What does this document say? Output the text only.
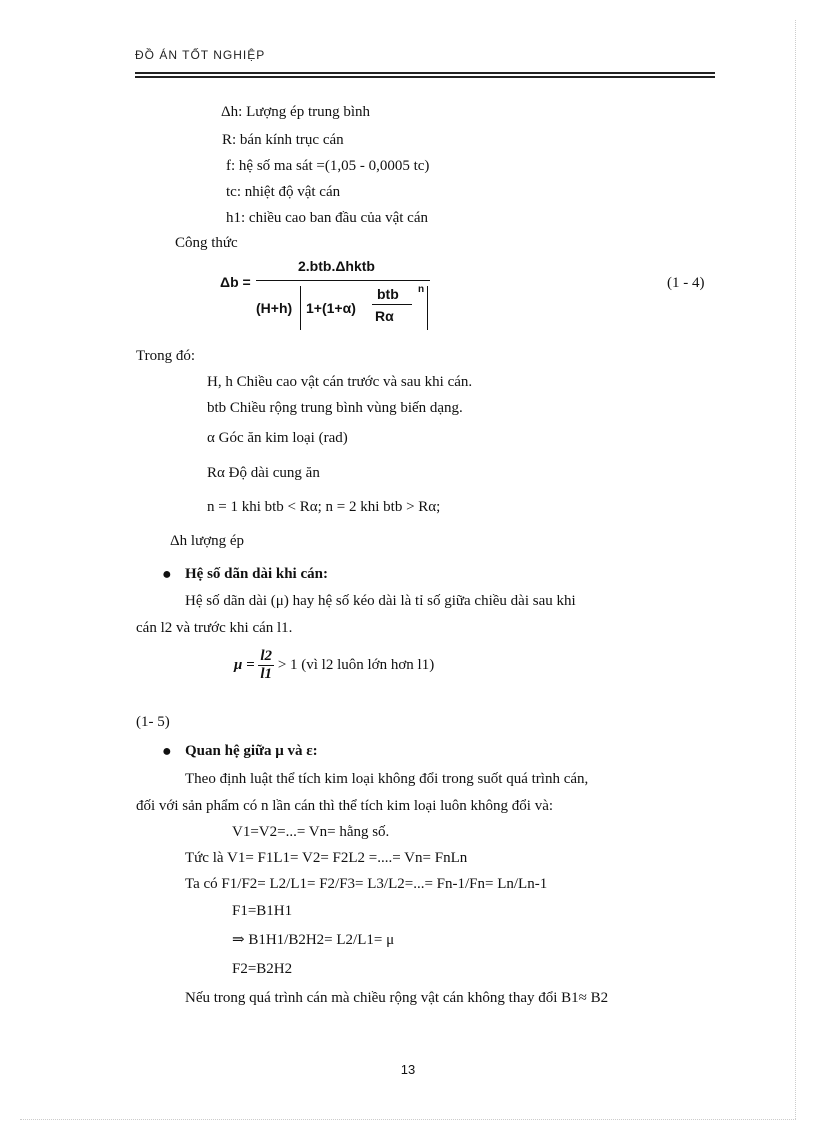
ĐỒ ÁN TỐT NGHIỆP
Δh: Lượng ép trung bình
R: bán kính trục cán
f: hệ số ma sát =(1,05 - 0,0005 tc)
tc: nhiệt độ vật cán
h1: chiều cao ban đầu của vật cán
Công thức
Δb =
2.btb.Δhktb
(H+h) 1+(1+α)
btb
Rα
n	(1 - 4)
Trong đó:
H, h Chiều cao vật cán trước và sau khi cán.
btb Chiều rộng trung bình vùng biến dạng.
α Góc ăn kim loại (rad)
Rα Độ dài cung ăn
n = 1 khi btb < Rα; n = 2 khi btb > Rα;
Δh lượng ép
● Hệ số dãn dài khi cán:
Hệ số dãn dài (μ) hay hệ số kéo dài là tỉ số giữa chiều dài sau khi
cán l2 và trước khi cán l1.
$\mu = \frac{l2}{l1} > 1$ (vì l2 luôn lớn hơn l1)
(1- 5)
● Quan hệ giữa μ và ε:
Theo định luật thể tích kim loại không đổi trong suốt quá trình cán,
đối với sản phẩm có n lần cán thì thể tích kim loại luôn không đổi và:
V1=V2=...= Vn= hằng số.
Tức là V1= F1L1= V2= F2L2 =....= Vn= FnLn
Ta có F1/F2= L2/L1= F2/F3= L3/L2=...= Fn-1/Fn= Ln/Ln-1
F1=B1H1
⇒ B1H1/B2H2= L2/L1= μ
F2=B2H2
Nếu trong quá trình cán mà chiều rộng vật cán không thay đổi B1≈ B2
13
